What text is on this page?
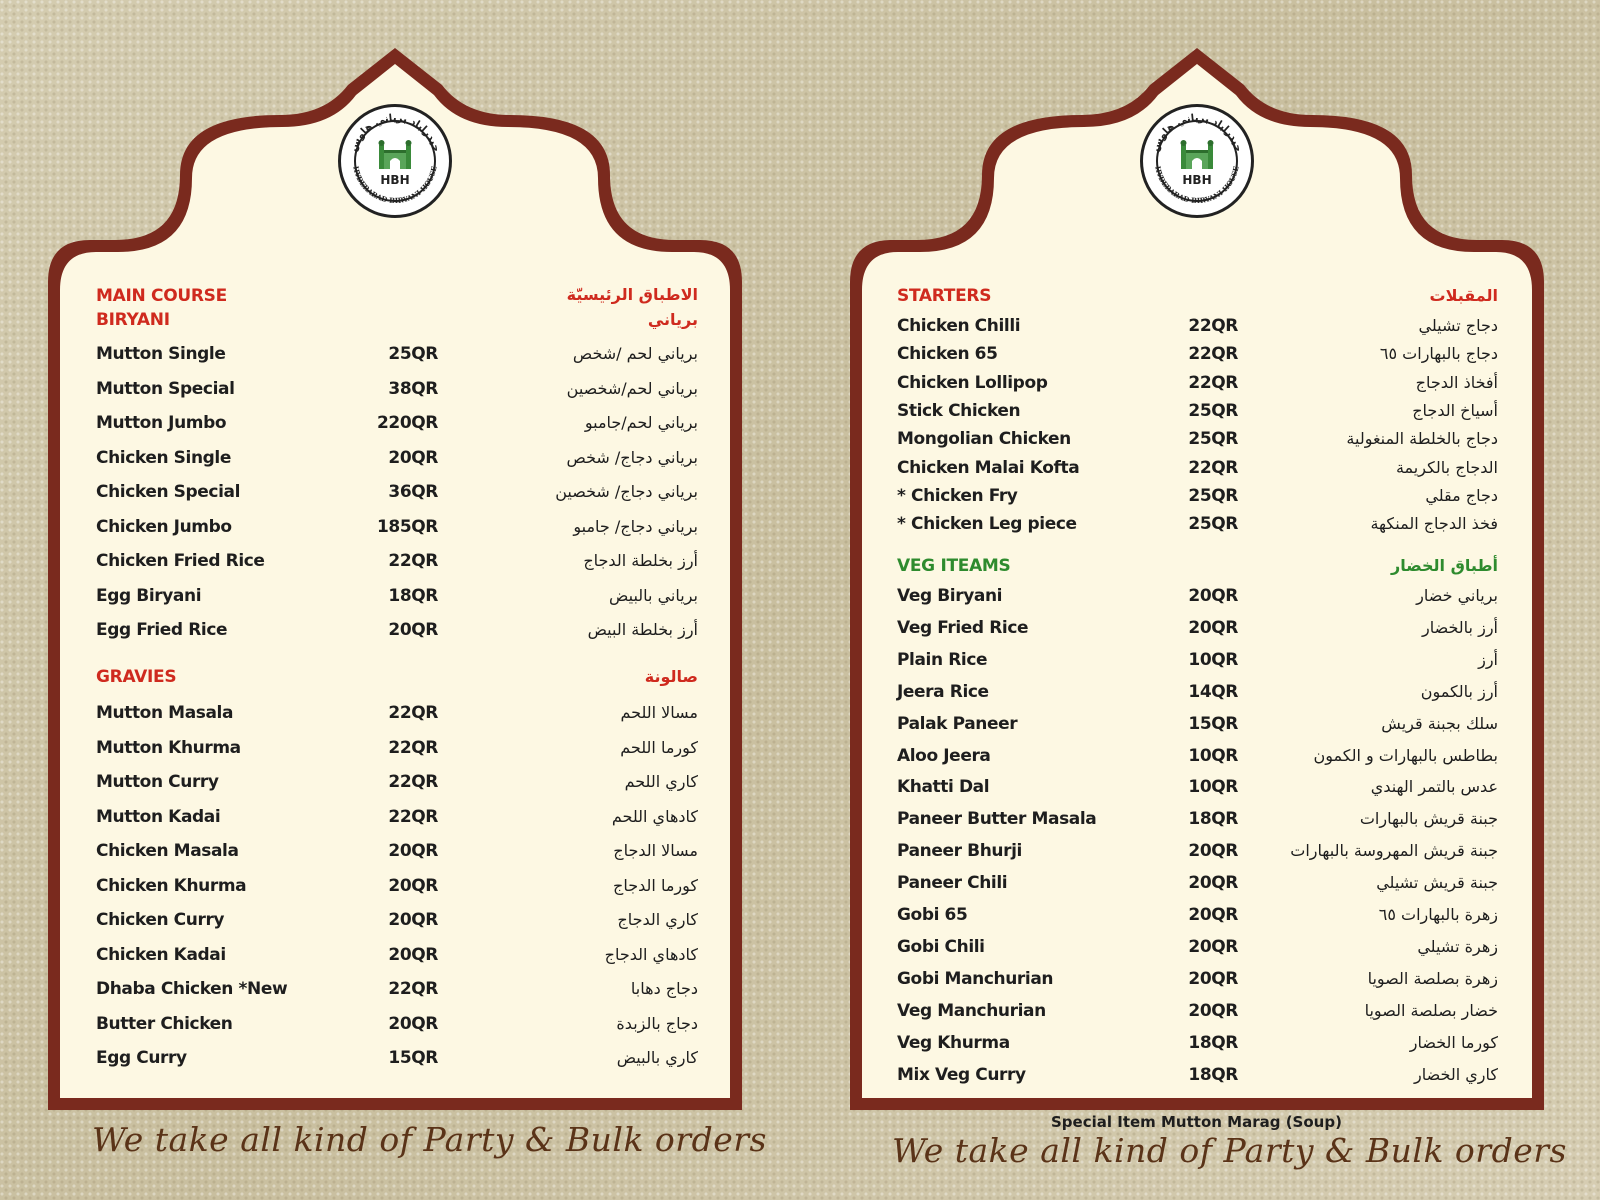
حيدراباد برياني هاوس
HYDERABAD BIRYANI HOUSE
HBH
MAIN COURSE	الاطباق الرئيسيّة
BIRYANI	برياني
Mutton Single	25QR	برياني لحم /شخص
Mutton Special	38QR	برياني لحم/شخصين
Mutton Jumbo	220QR	برياني لحم/جامبو
Chicken Single	20QR	برياني دجاج/ شخص
Chicken Special	36QR	برياني دجاج/ شخصين
Chicken Jumbo	185QR	برياني دجاج/ جامبو
Chicken Fried Rice	22QR	أرز بخلطة الدجاج
Egg Biryani	18QR	برياني بالبيض
Egg Fried Rice	20QR	أرز بخلطة البيض
GRAVIES	صالونة
Mutton Masala	22QR	مسالا اللحم
Mutton Khurma	22QR	كورما اللحم
Mutton Curry	22QR	كاري اللحم
Mutton Kadai	22QR	كادهاي اللحم
Chicken Masala	20QR	مسالا الدجاج
Chicken Khurma	20QR	كورما الدجاج
Chicken Curry	20QR	كاري الدجاج
Chicken Kadai	20QR	كادهاي الدجاج
Dhaba Chicken *New	22QR	دجاج دهابا
Butter Chicken	20QR	دجاج بالزبدة
Egg Curry	15QR	كاري بالبيض
We take all kind of Party & Bulk orders
حيدراباد برياني هاوس
HYDERABAD BIRYANI HOUSE
HBH
STARTERS	المقبلات
Chicken Chilli	22QR	دجاج تشيلي
Chicken 65	22QR	دجاج بالبهارات ٦٥
Chicken Lollipop	22QR	أفخاذ الدجاج
Stick Chicken	25QR	أسياخ الدجاج
Mongolian Chicken	25QR	دجاج بالخلطة المنغولية
Chicken Malai Kofta	22QR	الدجاج بالكريمة
* Chicken Fry	25QR	دجاج مقلي
* Chicken Leg piece	25QR	فخذ الدجاج المنكهة
VEG ITEAMS	أطباق الخضار
Veg Biryani	20QR	برياني خضار
Veg Fried Rice	20QR	أرز بالخضار
Plain Rice	10QR	أرز
Jeera Rice	14QR	أرز بالكمون
Palak Paneer	15QR	سلك بجبنة قريش
Aloo Jeera	10QR	بطاطس بالبهارات و الكمون
Khatti Dal	10QR	عدس بالتمر الهندي
Paneer Butter Masala	18QR	جبنة قريش بالبهارات
Paneer Bhurji	20QR	جبنة قريش المهروسة بالبهارات
Paneer Chili	20QR	جبنة قريش تشيلي
Gobi 65	20QR	زهرة بالبهارات ٦٥
Gobi Chili	20QR	زهرة تشيلي
Gobi Manchurian	20QR	زهرة بصلصة الصويا
Veg Manchurian	20QR	خضار بصلصة الصويا
Veg Khurma	18QR	كورما الخضار
Mix Veg Curry	18QR	كاري الخضار
Special Item Mutton Marag (Soup)
We take all kind of Party & Bulk orders
